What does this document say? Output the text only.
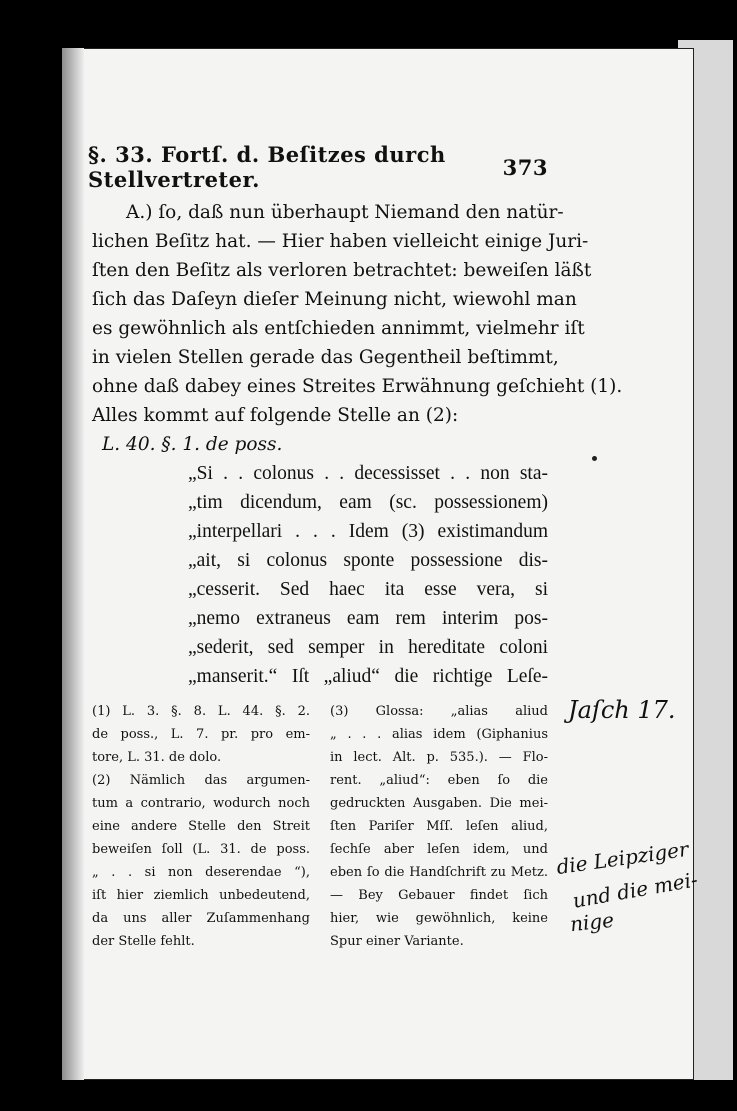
§. 33. Fortſ. d. Beſitzes durch Stellvertreter.	373
A.) ſo, daß nun überhaupt Niemand den natür-
lichen Beſitz hat. — Hier haben vielleicht einige Juri-
ſten den Beſitz als verloren betrachtet: beweiſen läßt
ſich das Daſeyn dieſer Meinung nicht, wiewohl man
es gewöhnlich als entſchieden annimmt, vielmehr iſt
in vielen Stellen gerade das Gegentheil beſtimmt,
ohne daß dabey eines Streites Erwähnung geſchieht (1).
Alles kommt auf folgende Stelle an (2):
L. 40. §. 1. de poss.
„Si . . colonus . . decessisset . . non sta-
„tim dicendum, eam (sc. possessionem)
„interpellari . . . Idem (3) existimandum
„ait, si colonus sponte possessione dis-
„cesserit. Sed haec ita esse vera, si
„nemo extraneus eam rem interim pos-
„sederit, sed semper in hereditate coloni
„manserit.“ Iſt „aliud“ die richtige Leſe-
(1) L. 3. §. 8. L. 44. §. 2.
de poss., L. 7. pr. pro em-
tore, L. 31. de dolo.
(2) Nämlich das argumen-
tum a contrario, wodurch noch
eine andere Stelle den Streit
beweiſen ſoll (L. 31. de poss.
„ . . si non deserendae “),
iſt hier ziemlich unbedeutend,
da uns aller Zuſammenhang
der Stelle fehlt.
(3) Glossa: „alias aliud
„ . . . alias idem (Giphanius
in lect. Alt. p. 535.). — Flo-
rent. „aliud“: eben ſo die
gedruckten Ausgaben. Die mei-
ſten Pariſer Mſſ. leſen aliud,
ſechſe aber leſen idem, und
eben ſo die Handſchrift zu Metz.
— Bey Gebauer findet ſich
hier, wie gewöhnlich, keine
Spur einer Variante.
Jaſch 17.
die Leipziger
und die mei-
nige
